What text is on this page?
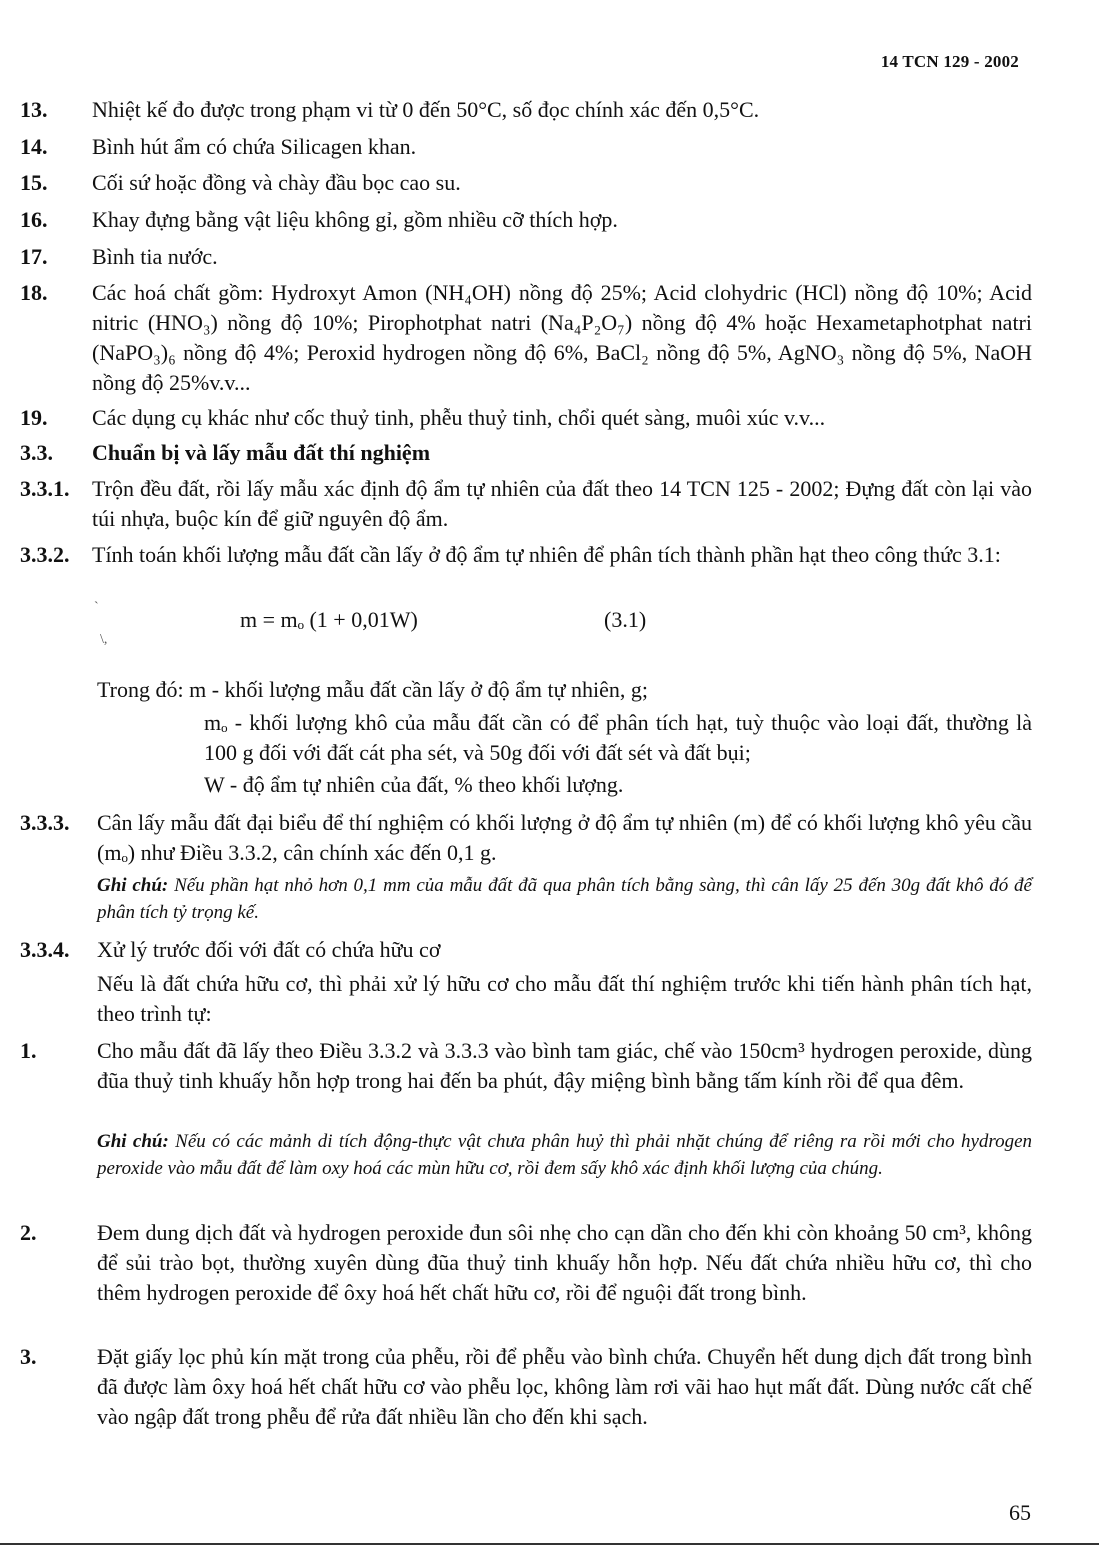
14 TCN 129 - 2002
13. Nhiệt kế đo được trong phạm vi từ 0 đến 50°C, số đọc chính xác đến 0,5°C.
14. Bình hút ẩm có chứa Silicagen khan.
15. Cối sứ hoặc đồng và chày đầu bọc cao su.
16. Khay đựng bằng vật liệu không gỉ, gồm nhiều cỡ thích hợp.
17. Bình tia nước.
18. Các hoá chất gồm: Hydroxyt Amon (NH₄OH) nồng độ 25%; Acid clohydric (HCl) nồng độ 10%; Acid nitric (HNO₃) nồng độ 10%; Pirophotphat natri (Na₄P₂O₇) nồng độ 4% hoặc Hexametaphotphat natri (NaPO₃)₆ nồng độ 4%; Peroxid hydrogen nồng độ 6%, BaCl₂ nồng độ 5%, AgNO₃ nồng độ 5%, NaOH nồng độ 25%v.v...
19. Các dụng cụ khác như cốc thuỷ tinh, phễu thuỷ tinh, chổi quét sàng, muôi xúc v.v...
3.3. Chuẩn bị và lấy mẫu đất thí nghiệm
3.3.1. Trộn đều đất, rồi lấy mẫu xác định độ ẩm tự nhiên của đất theo 14 TCN 125 - 2002; Đựng đất còn lại vào túi nhựa, buộc kín để giữ nguyên độ ẩm.
3.3.2. Tính toán khối lượng mẫu đất cần lấy ở độ ẩm tự nhiên để phân tích thành phần hạt theo công thức 3.1:
`
\,
m = mₒ (1 + 0,01W)	(3.1)
Trong đó: m - khối lượng mẫu đất cần lấy ở độ ẩm tự nhiên, g;
mₒ - khối lượng khô của mẫu đất cần có để phân tích hạt, tuỳ thuộc vào loại đất, thường là 100 g đối với đất cát pha sét, và 50g đối với đất sét và đất bụi;
W - độ ẩm tự nhiên của đất, % theo khối lượng.
3.3.3. Cân lấy mẫu đất đại biểu để thí nghiệm có khối lượng ở độ ẩm tự nhiên (m) để có khối lượng khô yêu cầu (mₒ) như Điều 3.3.2, cân chính xác đến 0,1 g.
Ghi chú: Nếu phần hạt nhỏ hơn 0,1 mm của mẫu đất đã qua phân tích bằng sàng, thì cân lấy 25 đến 30g đất khô đó để phân tích tỷ trọng kế.
3.3.4. Xử lý trước đối với đất có chứa hữu cơ
Nếu là đất chứa hữu cơ, thì phải xử lý hữu cơ cho mẫu đất thí nghiệm trước khi tiến hành phân tích hạt, theo trình tự:
1.	Cho mẫu đất đã lấy theo Điều 3.3.2 và 3.3.3 vào bình tam giác, chế vào 150cm³ hydrogen peroxide, dùng đũa thuỷ tinh khuấy hỗn hợp trong hai đến ba phút, đậy miệng bình bằng tấm kính rồi để qua đêm.
Ghi chú: Nếu có các mảnh di tích động-thực vật chưa phân huỷ thì phải nhặt chúng để riêng ra rồi mới cho hydrogen peroxide vào mẫu đất để làm oxy hoá các mùn hữu cơ, rồi đem sấy khô xác định khối lượng của chúng.
2.	Đem dung dịch đất và hydrogen peroxide đun sôi nhẹ cho cạn dần cho đến khi còn khoảng 50 cm³, không để sủi trào bọt, thường xuyên dùng đũa thuỷ tinh khuấy hỗn hợp. Nếu đất chứa nhiều hữu cơ, thì cho thêm hydrogen peroxide để ôxy hoá hết chất hữu cơ, rồi để nguội đất trong bình.
3.	Đặt giấy lọc phủ kín mặt trong của phễu, rồi để phễu vào bình chứa. Chuyển hết dung dịch đất trong bình đã được làm ôxy hoá hết chất hữu cơ vào phễu lọc, không làm rơi vãi hao hụt mất đất. Dùng nước cất chế vào ngập đất trong phễu để rửa đất nhiều lần cho đến khi sạch.
65
